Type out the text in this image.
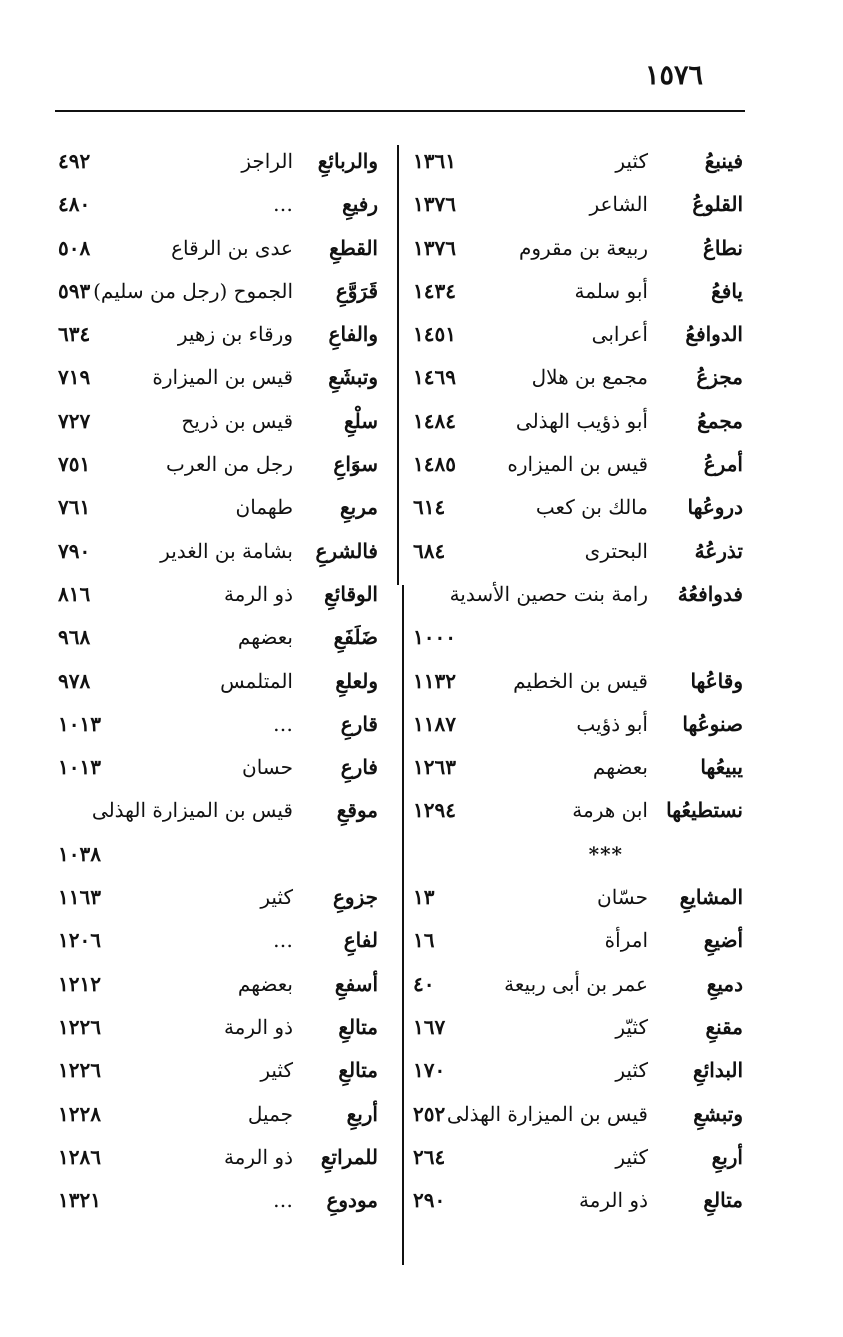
١٥٧٦
فينبعُ
كثير
١٣٦١
القلوعُ
الشاعر
١٣٧٦
نطاعُ
ربيعة بن مقروم
١٣٧٦
يافعُ
أبو سلمة
١٤٣٤
الدوافعُ
أعرابى
١٤٥١
مجزعُ
مجمع بن هلال
١٤٦٩
مجمعُ
أبو ذؤيب الهذلى
١٤٨٤
أمرعُ
قيس بن الميزاره
١٤٨٥
دروعُها
مالك بن كعب
٦١٤
تذرعُهُ
البحترى
٦٨٤
فدوافعُهُ
رامة بنت حصين الأسدية
١٠٠٠
وقاعُها
قيس بن الخطيم
١١٣٢
صنوعُها
أبو ذؤيب
١١٨٧
يبيعُها
بعضهم
١٢٦٣
نستطيعُها
ابن هرمة
١٢٩٤
***
المشايعِ
حسّان
١٣
أضيعِ
امرأة
١٦
دميعِ
عمر بن أبى ربيعة
٤٠
مقنعِ
كثيّر
١٦٧
البدائعِ
كثير
١٧٠
وتبشعِ
قيس بن الميزارة الهذلى
٢٥٢
أربعِ
كثير
٢٦٤
متالعِ
ذو الرمة
٢٩٠
والربائعِ
الراجز
٤٩٢
رفيعِ
…
٤٨٠
القطعِ
عدى بن الرقاع
٥٠٨
قَرَوَّعِ
الجموح (رجل من سليم)
٥٩٣
والفاعِ
ورقاء بن زهير
٦٣٤
وتبشَعِ
قيس بن الميزارة
٧١٩
سلْعِ
قيس بن ذريح
٧٢٧
سوَاعِ
رجل من العرب
٧٥١
مربعِ
طهمان
٧٦١
فالشرعِ
بشامة بن الغدير
٧٩٠
الوقائعِ
ذو الرمة
٨١٦
ضَلَفَعِ
بعضهم
٩٦٨
ولعلعِ
المتلمس
٩٧٨
قارعِ
…
١٠١٣
فارعِ
حسان
١٠١٣
موقعِ
قيس بن الميزارة الهذلى
١٠٣٨
جزوعِ
كثير
١١٦٣
لفاعِ
…
١٢٠٦
أسفعِ
بعضهم
١٢١٢
متالعِ
ذو الرمة
١٢٢٦
متالعِ
كثير
١٢٢٦
أربعِ
جميل
١٢٢٨
للمراتعِ
ذو الرمة
١٢٨٦
مودوعِ
…
١٣٢١
